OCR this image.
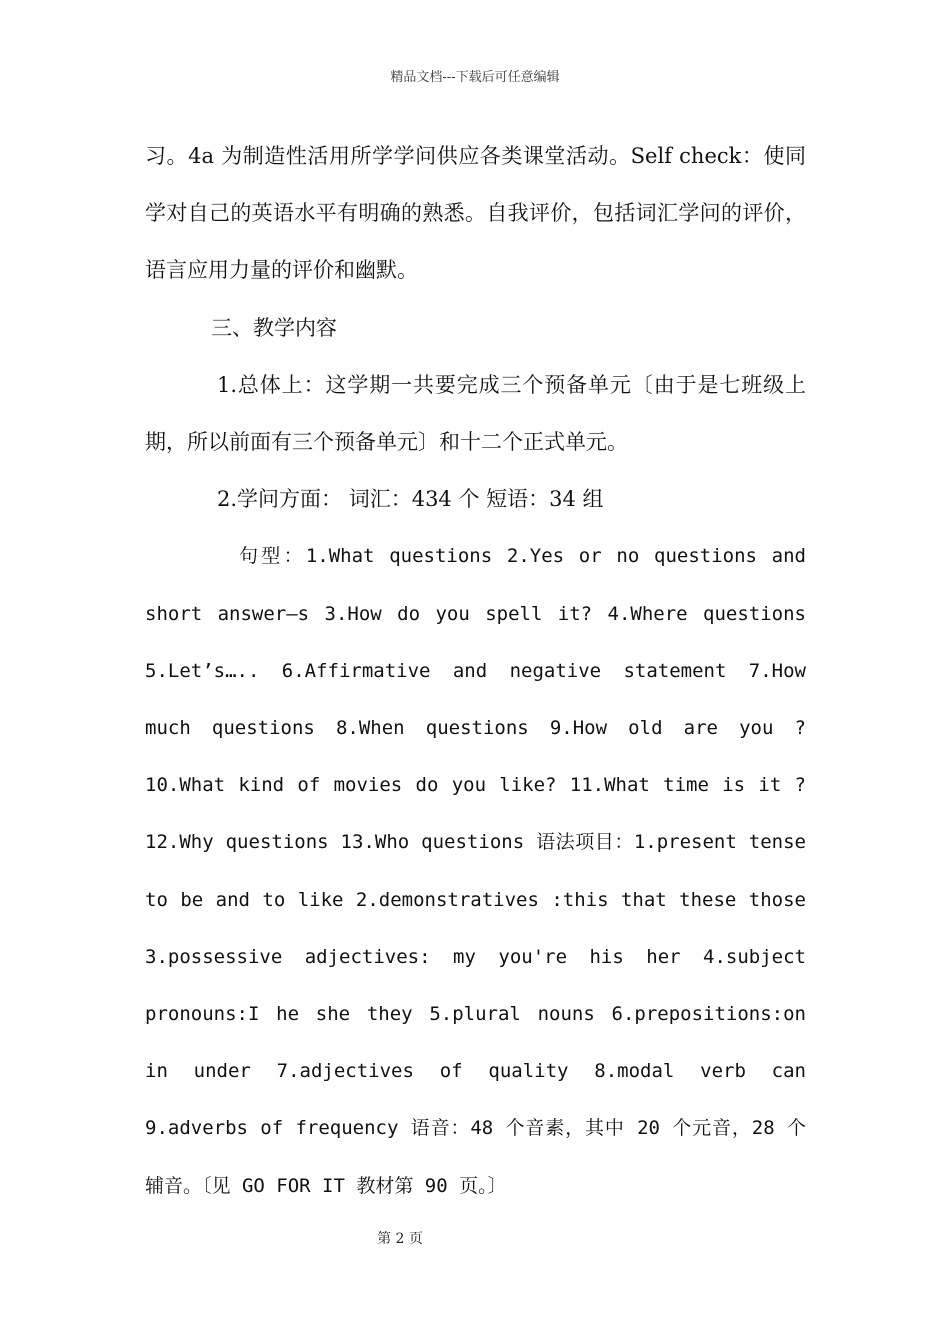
精品文档---下载后可任意编辑

习。4a 为制造性活用所学学问供应各类课堂活动。Self check：使同学对自己的英语水平有明确的熟悉。自我评价，包括词汇学问的评价，语言应用力量的评价和幽默。

三、教学内容

1.总体上：这学期一共要完成三个预备单元〔由于是七班级上期，所以前面有三个预备单元〕和十二个正式单元。

2.学问方面： 词汇：434 个 短语：34 组

句型：1.What questions 2.Yes or no questions and short answer—s 3.How do you spell it? 4.Where questions 5.Let’s….. 6.Affirmative and negative statement 7.How much questions 8.When questions 9.How old are you ? 10.What kind of movies do you like? 11.What time is it ? 12.Why questions 13.Who questions 语法项目：1.present tense to be and to like 2.demonstratives :this that these those 3.possessive adjectives: my you're his her 4.subject pronouns:I he she they 5.plural nouns 6.prepositions:on in under 7.adjectives of quality 8.modal verb can 9.adverbs of frequency 语音：48 个音素，其中 20 个元音，28 个辅音。〔见 GO FOR IT 教材第 90 页。〕

第 2 页
